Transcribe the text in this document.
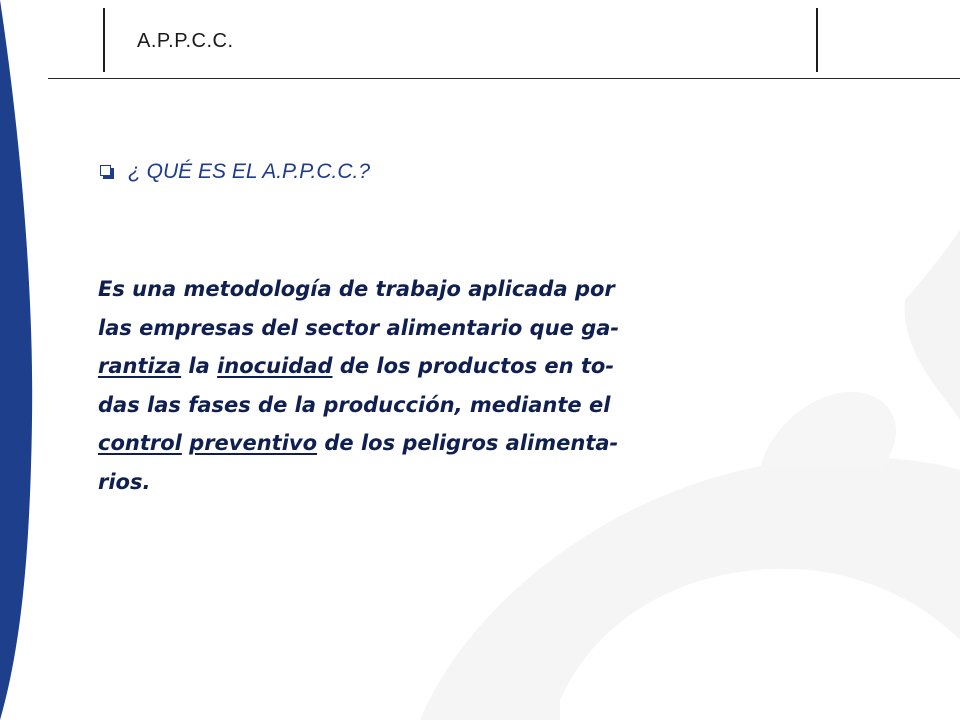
A.P.P.C.C.
¿ QUÉ ES EL A.P.P.C.C.?
Es una metodología de trabajo aplicada por
las empresas del sector alimentario que ga-
rantiza la inocuidad de los productos en to-
das las fases de la producción, mediante el
control preventivo de los peligros alimenta-
rios.
